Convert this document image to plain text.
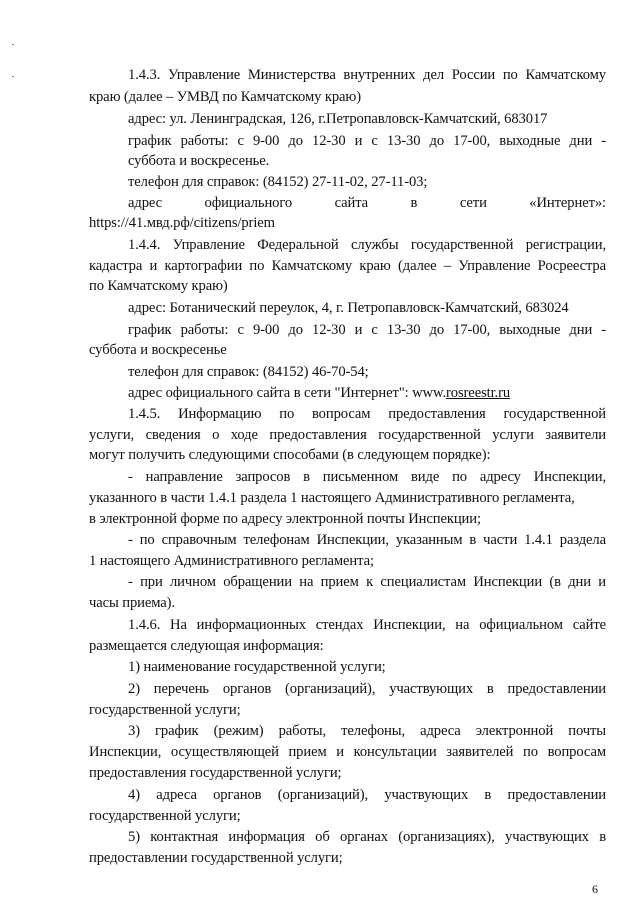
1.4.3. Управление Министерства внутренних дел России по Камчатскому
краю (далее – УМВД по Камчатскому краю)
адрес: ул. Ленинградская, 126, г.Петропавловск-Камчатский, 683017
график работы: с 9-00 до 12-30 и с 13-30 до 17-00, выходные дни -
суббота и воскресенье.
телефон для справок: (84152) 27-11-02, 27-11-03;
адрес официального сайта в сети «Интернет»:
https://41.мвд.рф/citizens/priem
1.4.4. Управление Федеральной службы государственной регистрации,
кадастра и картографии по Камчатскому краю (далее – Управление Росреестра
по Камчатскому краю)
адрес: Ботанический переулок, 4, г. Петропавловск-Камчатский, 683024
график работы: с 9-00 до 12-30 и с 13-30 до 17-00, выходные дни -
суббота и воскресенье
телефон для справок: (84152) 46-70-54;
адрес официального сайта в сети "Интернет": www.rosreestr.ru
1.4.5. Информацию по вопросам предоставления государственной
услуги, сведения о ходе предоставления государственной услуги заявители
могут получить следующими способами (в следующем порядке):
- направление запросов в письменном виде по адресу Инспекции,
указанного в части 1.4.1 раздела 1 настоящего Административного регламента,
в электронной форме по адресу электронной почты Инспекции;
- по справочным телефонам Инспекции, указанным в части 1.4.1 раздела
1 настоящего Административного регламента;
- при личном обращении на прием к специалистам Инспекции (в дни и
часы приема).
1.4.6. На информационных стендах Инспекции, на официальном сайте
размещается следующая информация:
1) наименование государственной услуги;
2) перечень органов (организаций), участвующих в предоставлении
государственной услуги;
3) график (режим) работы, телефоны, адреса электронной почты
Инспекции, осуществляющей прием и консультации заявителей по вопросам
предоставления государственной услуги;
4) адреса органов (организаций), участвующих в предоставлении
государственной услуги;
5) контактная информация об органах (организациях), участвующих в
предоставлении государственной услуги;
6
